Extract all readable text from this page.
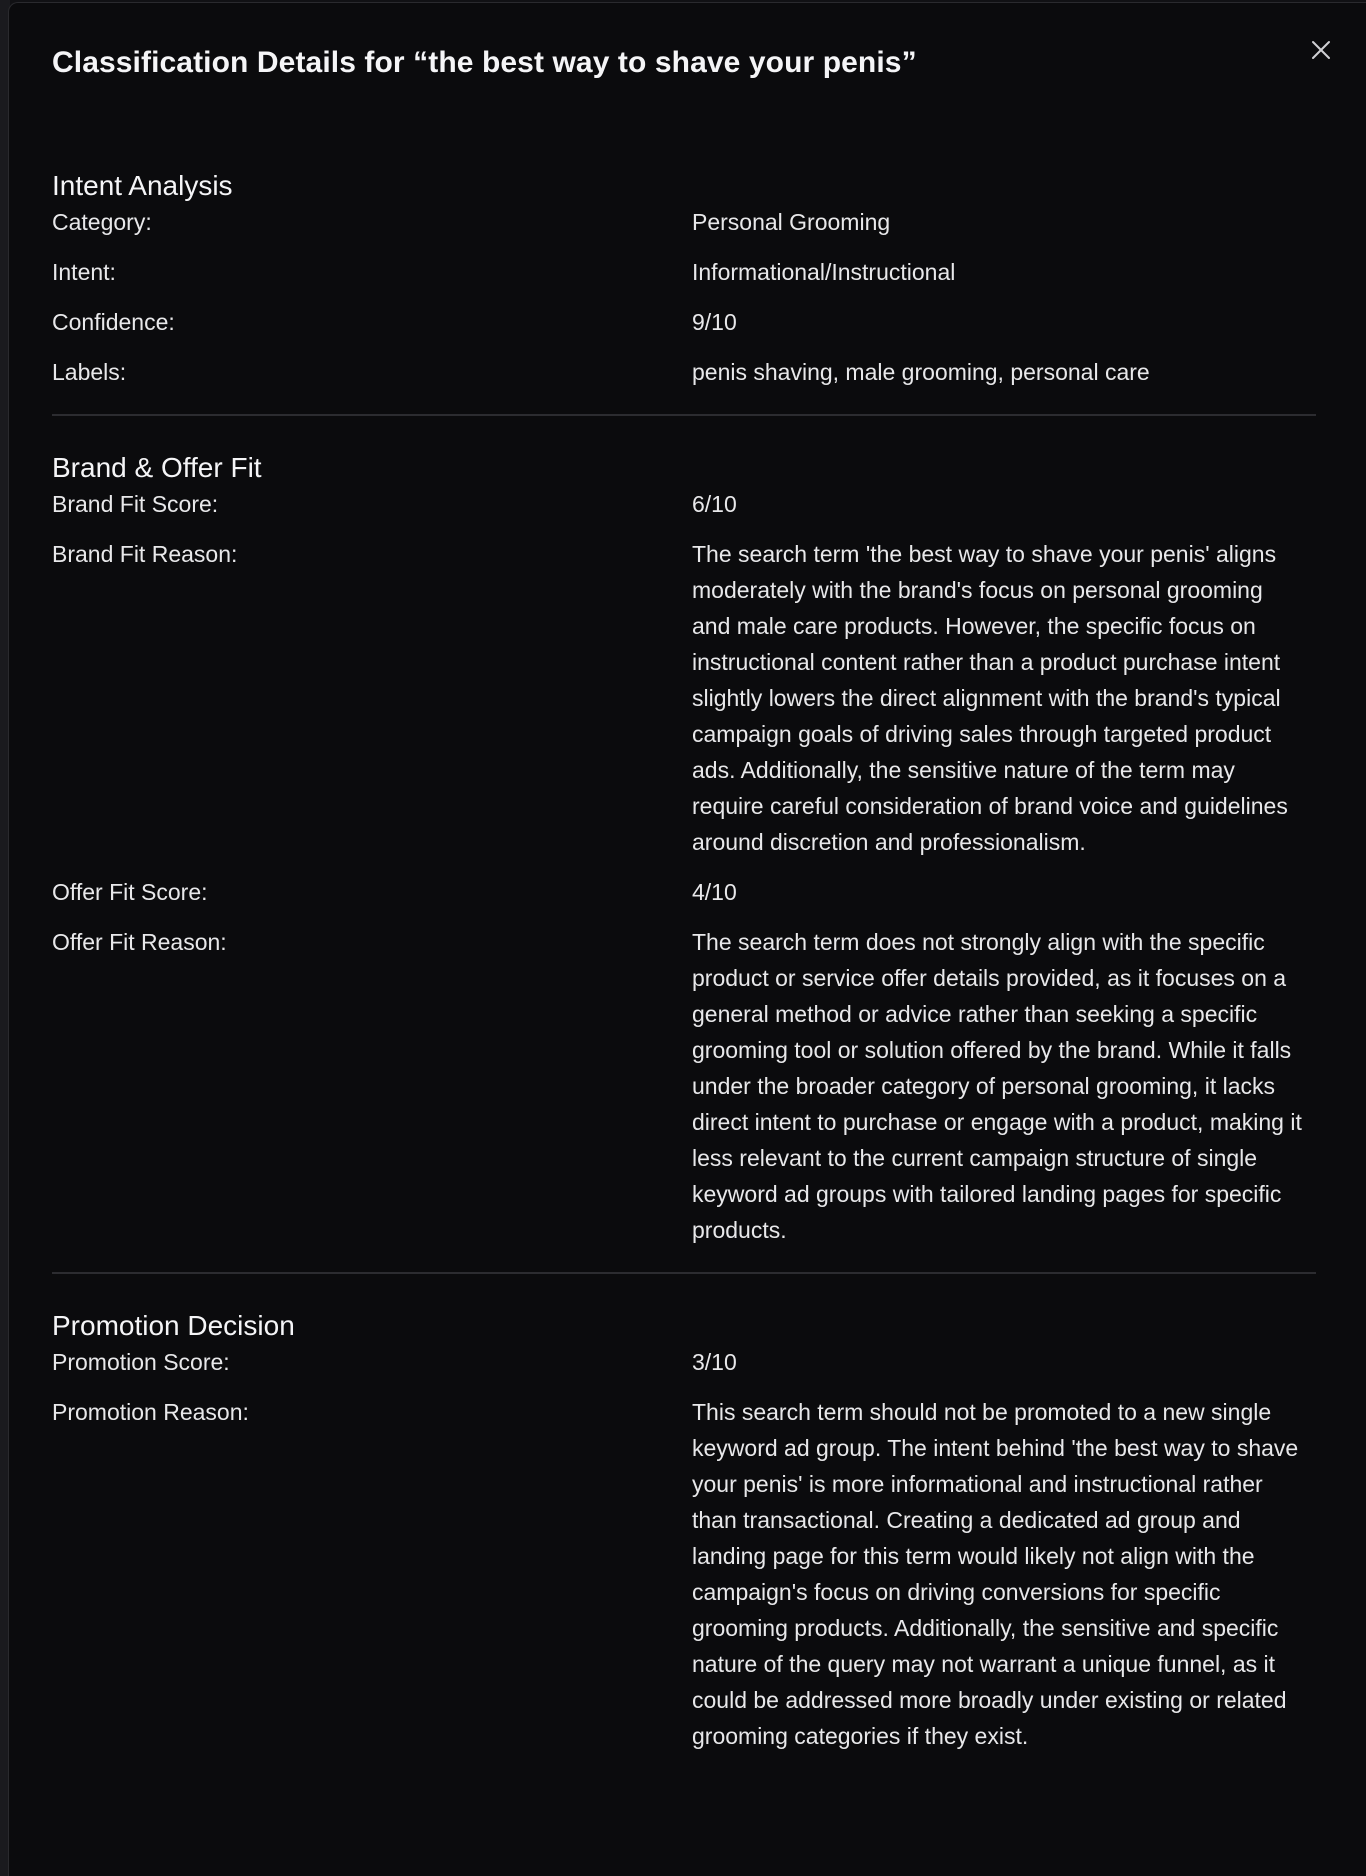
Classification Details for “the best way to shave your penis”
Intent Analysis
Category:	Personal Grooming
Intent:	Informational/Instructional
Confidence:	9/10
Labels:	penis shaving, male grooming, personal care
Brand & Offer Fit
Brand Fit Score:	6/10
Brand Fit Reason:	The search term 'the best way to shave your penis' aligns moderately with the brand's focus on personal grooming and male care products. However, the specific focus on instructional content rather than a product purchase intent slightly lowers the direct alignment with the brand's typical campaign goals of driving sales through targeted product ads. Additionally, the sensitive nature of the term may require careful consideration of brand voice and guidelines around discretion and professionalism.
Offer Fit Score:	4/10
Offer Fit Reason:	The search term does not strongly align with the specific product or service offer details provided, as it focuses on a general method or advice rather than seeking a specific grooming tool or solution offered by the brand. While it falls under the broader category of personal grooming, it lacks direct intent to purchase or engage with a product, making it less relevant to the current campaign structure of single keyword ad groups with tailored landing pages for specific products.
Promotion Decision
Promotion Score:	3/10
Promotion Reason:	This search term should not be promoted to a new single keyword ad group. The intent behind 'the best way to shave your penis' is more informational and instructional rather than transactional. Creating a dedicated ad group and landing page for this term would likely not align with the campaign's focus on driving conversions for specific grooming products. Additionally, the sensitive and specific nature of the query may not warrant a unique funnel, as it could be addressed more broadly under existing or related grooming categories if they exist.
